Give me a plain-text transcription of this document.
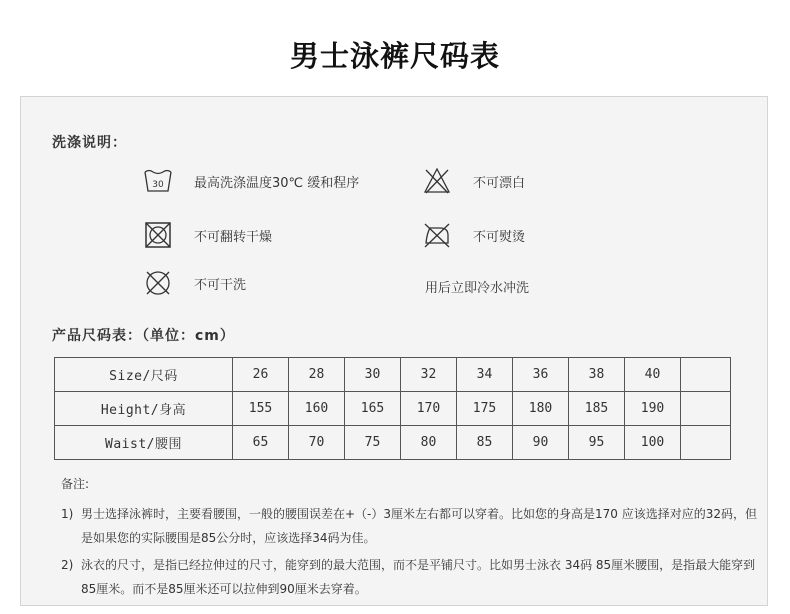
男士泳裤尺码表
洗涤说明：
30 最高洗涤温度30℃ 缓和程序	不可漂白
不可翻转干燥	不可熨烫
不可干洗	用后立即冷水冲洗
产品尺码表：（单位：cm）
Size/尺码	26	28	30	32	34	36	38	40	
Height/身高	155	160	165	170	175	180	185	190	
Waist/腰围	65	70	75	80	85	90	95	100	
备注:
1) 男士选择泳裤时，主要看腰围，一般的腰围误差在+（-）3厘米左右都可以穿着。比如您的身高是170 应该选择对应的32码，但是如果您的实际腰围是85公分时，应该选择34码为佳。
2) 泳衣的尺寸，是指已经拉伸过的尺寸，能穿到的最大范围，而不是平铺尺寸。比如男士泳衣 34码 85厘米腰围，是指最大能穿到85厘米。而不是85厘米还可以拉伸到90厘米去穿着。
